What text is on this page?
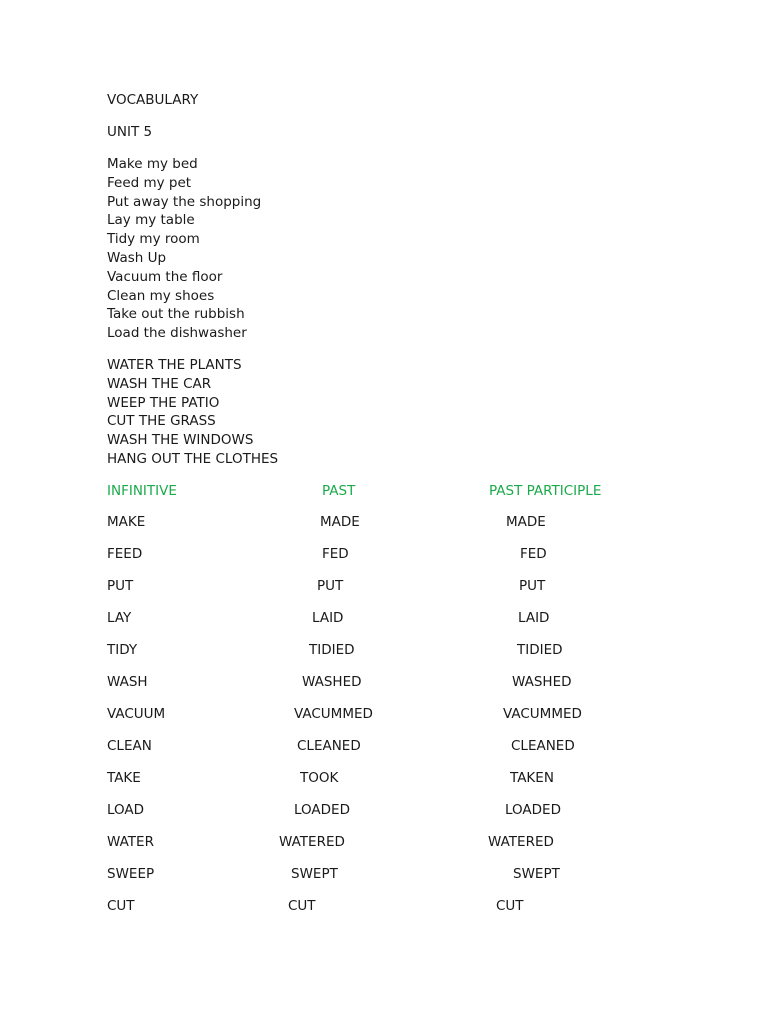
VOCABULARY
UNIT 5
Make my bed
Feed my pet
Put away the shopping
Lay my table
Tidy my room
Wash Up
Vacuum the floor
Clean my shoes
Take out the rubbish
Load the dishwasher
WATER THE PLANTS
WASH THE CAR
WEEP THE PATIO
CUT THE GRASS
WASH THE WINDOWS
HANG OUT THE CLOTHES
INFINITIVE	PAST	PAST PARTICIPLE
MAKE	MADE	MADE
FEED	FED	FED
PUT	PUT	PUT
LAY	LAID	LAID
TIDY	TIDIED	TIDIED
WASH	WASHED	WASHED
VACUUM	VACUMMED	VACUMMED
CLEAN	CLEANED	CLEANED
TAKE	TOOK	TAKEN
LOAD	LOADED	LOADED
WATER	WATERED	WATERED
SWEEP	SWEPT	SWEPT
CUT	CUT	CUT
